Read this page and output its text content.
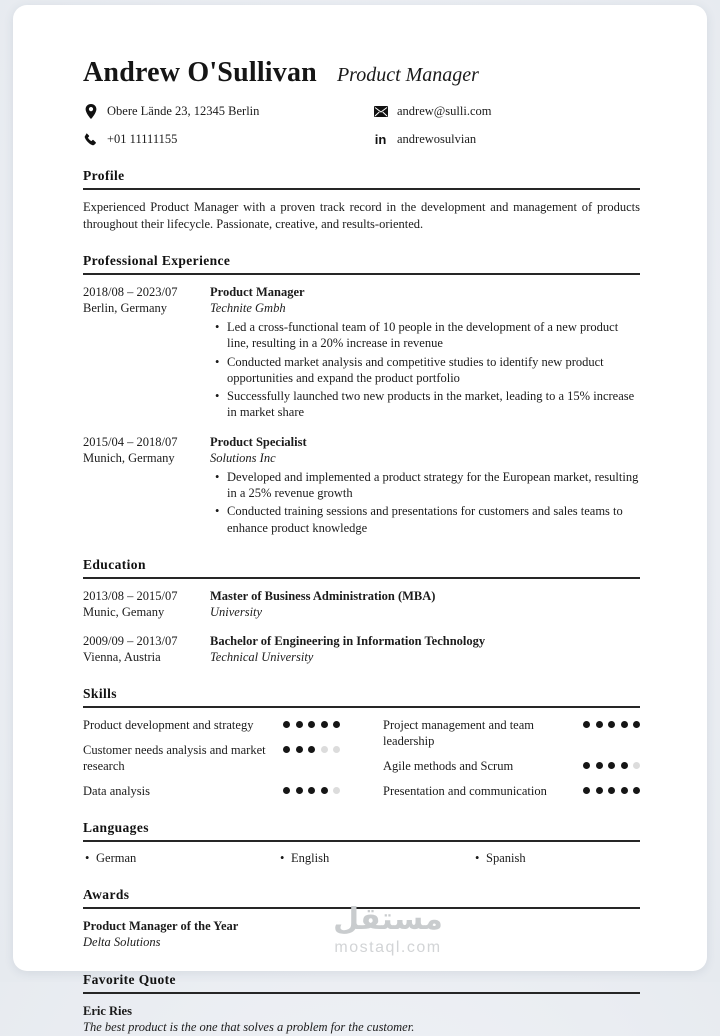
Andrew O'Sullivan Product Manager
Obere Lände 23, 12345 Berlin	andrew@sulli.com
+01 11111155	in andrewosulvian
Profile

Experienced Product Manager with a proven track record in the development and management of products throughout their lifecycle. Passionate, creative, and results-oriented.

Professional Experience
2018/08 – 2023/07
Berlin, Germany
Product Manager
Technite Gmbh
• Led a cross-functional team of 10 people in the development of a new product line, resulting in a 20% increase in revenue
• Conducted market analysis and competitive studies to identify new product opportunities and expand the product portfolio
• Successfully launched two new products in the market, leading to a 15% increase in market share
2015/04 – 2018/07
Munich, Germany
Product Specialist
Solutions Inc
• Developed and implemented a product strategy for the European market, resulting in a 25% revenue growth
• Conducted training sessions and presentations for customers and sales teams to enhance product knowledge
Education
2013/08 – 2015/07
Munic, Gemany
Master of Business Administration (MBA)
University
2009/09 – 2013/07
Vienna, Austria
Bachelor of Engineering in Information Technology
Technical University
Skills
Product development and strategy
Customer needs analysis and market research
Data analysis
Project management and team leadership
Agile methods and Scrum
Presentation and communication
Languages
• German	• English	• Spanish
Awards
Product Manager of the Year
Delta Solutions
Favorite Quote
Eric Ries
The best product is the one that solves a problem for the customer.
مستقل
mostaql.com
